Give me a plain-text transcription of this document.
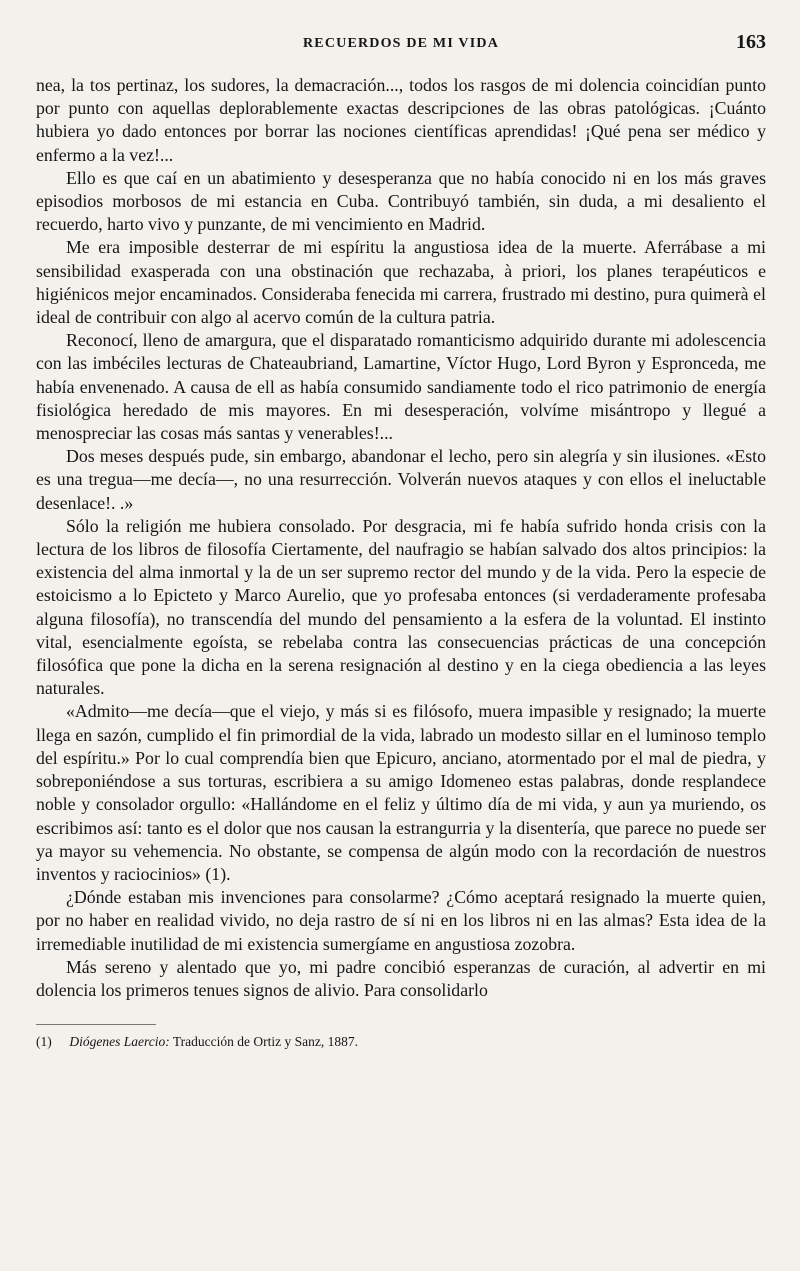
RECUERDOS DE MI VIDA	163

nea, la tos pertinaz, los sudores, la demacración..., todos los rasgos de mi dolencia coincidían punto por punto con aquellas deplorablemente exactas descripciones de las obras patológicas. ¡Cuánto hubiera yo dado entonces por borrar las nociones científicas aprendidas! ¡Qué pena ser médico y enfermo a la vez!...

Ello es que caí en un abatimiento y desesperanza que no había conocido ni en los más graves episodios morbosos de mi estancia en Cuba. Contribuyó también, sin duda, a mi desaliento el recuerdo, harto vivo y punzante, de mi vencimiento en Madrid.

Me era imposible desterrar de mi espíritu la angustiosa idea de la muerte. Aferrábase a mi sensibilidad exasperada con una obstinación que rechazaba, à priori, los planes terapéuticos e higiénicos mejor encaminados. Consideraba fenecida mi carrera, frustrado mi destino, pura quimerà el ideal de contribuir con algo al acervo común de la cultura patria.

Reconocí, lleno de amargura, que el disparatado romanticismo adquirido durante mi adolescencia con las imbéciles lecturas de Chateaubriand, Lamartine, Víctor Hugo, Lord Byron y Espronceda, me había envenenado. A causa de ell as había consumido sandiamente todo el rico patrimonio de energía fisiológica heredado de mis mayores. En mi desesperación, volvíme misántropo y llegué a menospreciar las cosas más santas y venerables!...

Dos meses después pude, sin embargo, abandonar el lecho, pero sin alegría y sin ilusiones. «Esto es una tregua—me decía—, no una resurrección. Volverán nuevos ataques y con ellos el ineluctable desenlace!. .»

Sólo la religión me hubiera consolado. Por desgracia, mi fe había sufrido honda crisis con la lectura de los libros de filosofía Ciertamente, del naufragio se habían salvado dos altos principios: la existencia del alma inmortal y la de un ser supremo rector del mundo y de la vida. Pero la especie de estoicismo a lo Epicteto y Marco Aurelio, que yo profesaba entonces (si verdaderamente profesaba alguna filosofía), no transcendía del mundo del pensamiento a la esfera de la voluntad. El instinto vital, esencialmente egoísta, se rebelaba contra las consecuencias prácticas de una concepción filosófica que pone la dicha en la serena resignación al destino y en la ciega obediencia a las leyes naturales.

«Admito—me decía—que el viejo, y más si es filósofo, muera impasible y resignado; la muerte llega en sazón, cumplido el fin primordial de la vida, labrado un modesto sillar en el luminoso templo del espíritu.» Por lo cual comprendía bien que Epicuro, anciano, atormentado por el mal de piedra, y sobreponiéndose a sus torturas, escribiera a su amigo Idomeneo estas palabras, donde resplandece noble y consolador orgullo: «Hallándome en el feliz y último día de mi vida, y aun ya muriendo, os escribimos así: tanto es el dolor que nos causan la estrangurria y la disentería, que parece no puede ser ya mayor su vehemencia. No obstante, se compensa de algún modo con la recordación de nuestros inventos y raciocinios» (1).

¿Dónde estaban mis invenciones para consolarme? ¿Cómo aceptará resignado la muerte quien, por no haber en realidad vivido, no deja rastro de sí ni en los libros ni en las almas? Esta idea de la irremediable inutilidad de mi existencia sumergíame en angustiosa zozobra.

Más sereno y alentado que yo, mi padre concibió esperanzas de curación, al advertir en mi dolencia los primeros tenues signos de alivio. Para consolidarlo

(1) Diógenes Laercio: Traducción de Ortiz y Sanz, 1887.
